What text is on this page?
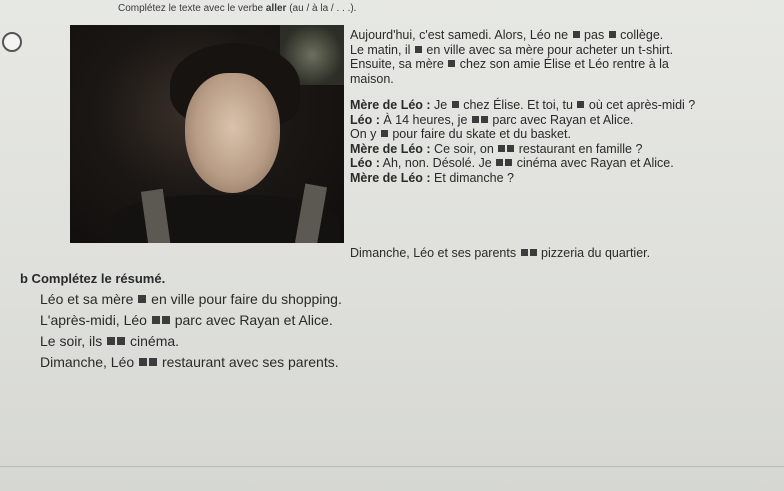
Complétez le texte avec le verbe aller (au / à la / . . .).

Aujourd'hui, c'est samedi. Alors, Léo ne  pas  collège.

Le matin, il  en ville avec sa mère pour acheter un t-shirt.

Ensuite, sa mère  chez son amie Élise et Léo rentre à la

maison.

Mère de Léo : Je  chez Élise. Et toi, tu  où cet après-midi ?

Léo : À 14 heures, je  parc avec Rayan et Alice.

On y  pour faire du skate et du basket.

Mère de Léo : Ce soir, on  restaurant en famille ?

Léo : Ah, non. Désolé. Je  cinéma avec Rayan et Alice.

Mère de Léo : Et dimanche ?

Dimanche, Léo et ses parents  pizzeria du quartier.

b Complétez le résumé.

Léo et sa mère  en ville pour faire du shopping.

L'après-midi, Léo  parc avec Rayan et Alice.

Le soir, ils  cinéma.

Dimanche, Léo  restaurant avec ses parents.
